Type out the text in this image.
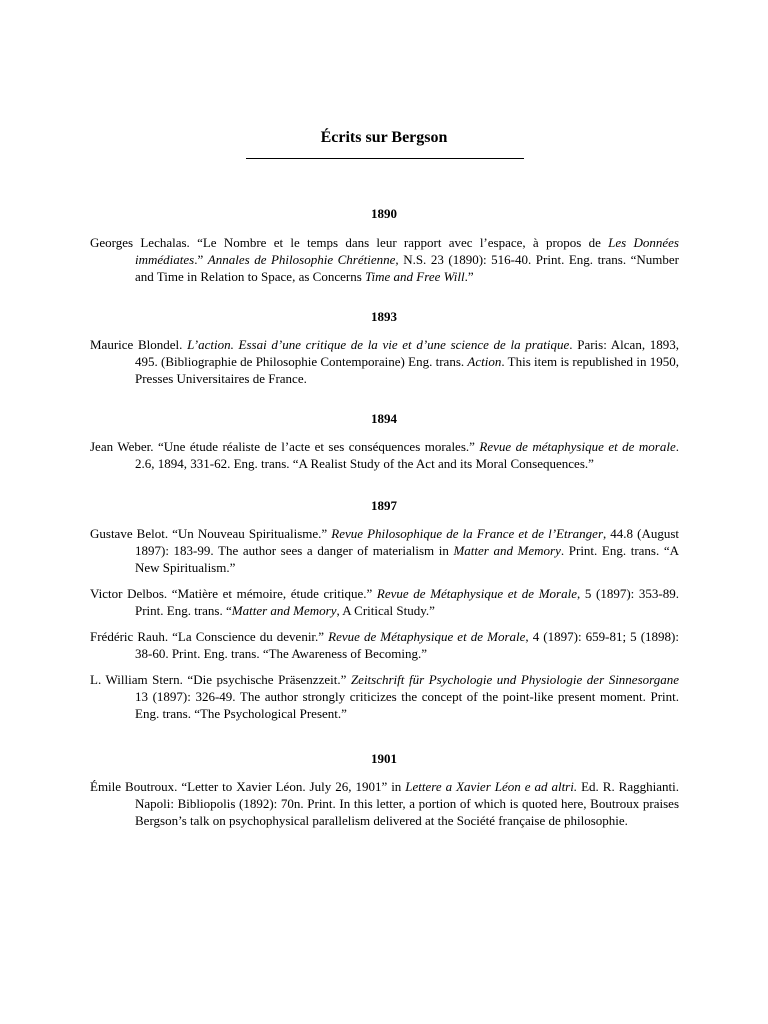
Écrits sur Bergson
1890
Georges Lechalas. “Le Nombre et le temps dans leur rapport avec l’espace, à propos de Les Données immédiates.” Annales de Philosophie Chrétienne, N.S. 23 (1890): 516-40. Print. Eng. trans. “Number and Time in Relation to Space, as Concerns Time and Free Will.”
1893
Maurice Blondel. L’action. Essai d’une critique de la vie et d’une science de la pratique. Paris: Alcan, 1893, 495. (Bibliographie de Philosophie Contemporaine) Eng. trans. Action. This item is republished in 1950, Presses Universitaires de France.
1894
Jean Weber. “Une étude réaliste de l’acte et ses conséquences morales.” Revue de métaphysique et de morale. 2.6, 1894, 331-62. Eng. trans. “A Realist Study of the Act and its Moral Consequences.”
1897
Gustave Belot. “Un Nouveau Spiritualisme.” Revue Philosophique de la France et de l’Etranger, 44.8 (August 1897): 183-99. The author sees a danger of materialism in Matter and Memory. Print. Eng. trans. “A New Spiritualism.”
Victor Delbos. “Matière et mémoire, étude critique.” Revue de Métaphysique et de Morale, 5 (1897): 353-89. Print. Eng. trans. “Matter and Memory, A Critical Study.”
Frédéric Rauh. “La Conscience du devenir.” Revue de Métaphysique et de Morale, 4 (1897): 659-81; 5 (1898): 38-60. Print. Eng. trans. “The Awareness of Becoming.”
L. William Stern. “Die psychische Präsenzzeit.” Zeitschrift für Psychologie und Physiologie der Sinnesorgane 13 (1897): 326-49. The author strongly criticizes the concept of the point-like present moment. Print. Eng. trans. “The Psychological Present.”
1901
Émile Boutroux. “Letter to Xavier Léon. July 26, 1901” in Lettere a Xavier Léon e ad altri. Ed. R. Ragghianti. Napoli: Bibliopolis (1892): 70n. Print. In this letter, a portion of which is quoted here, Boutroux praises Bergson’s talk on psychophysical parallelism delivered at the Société française de philosophie.
